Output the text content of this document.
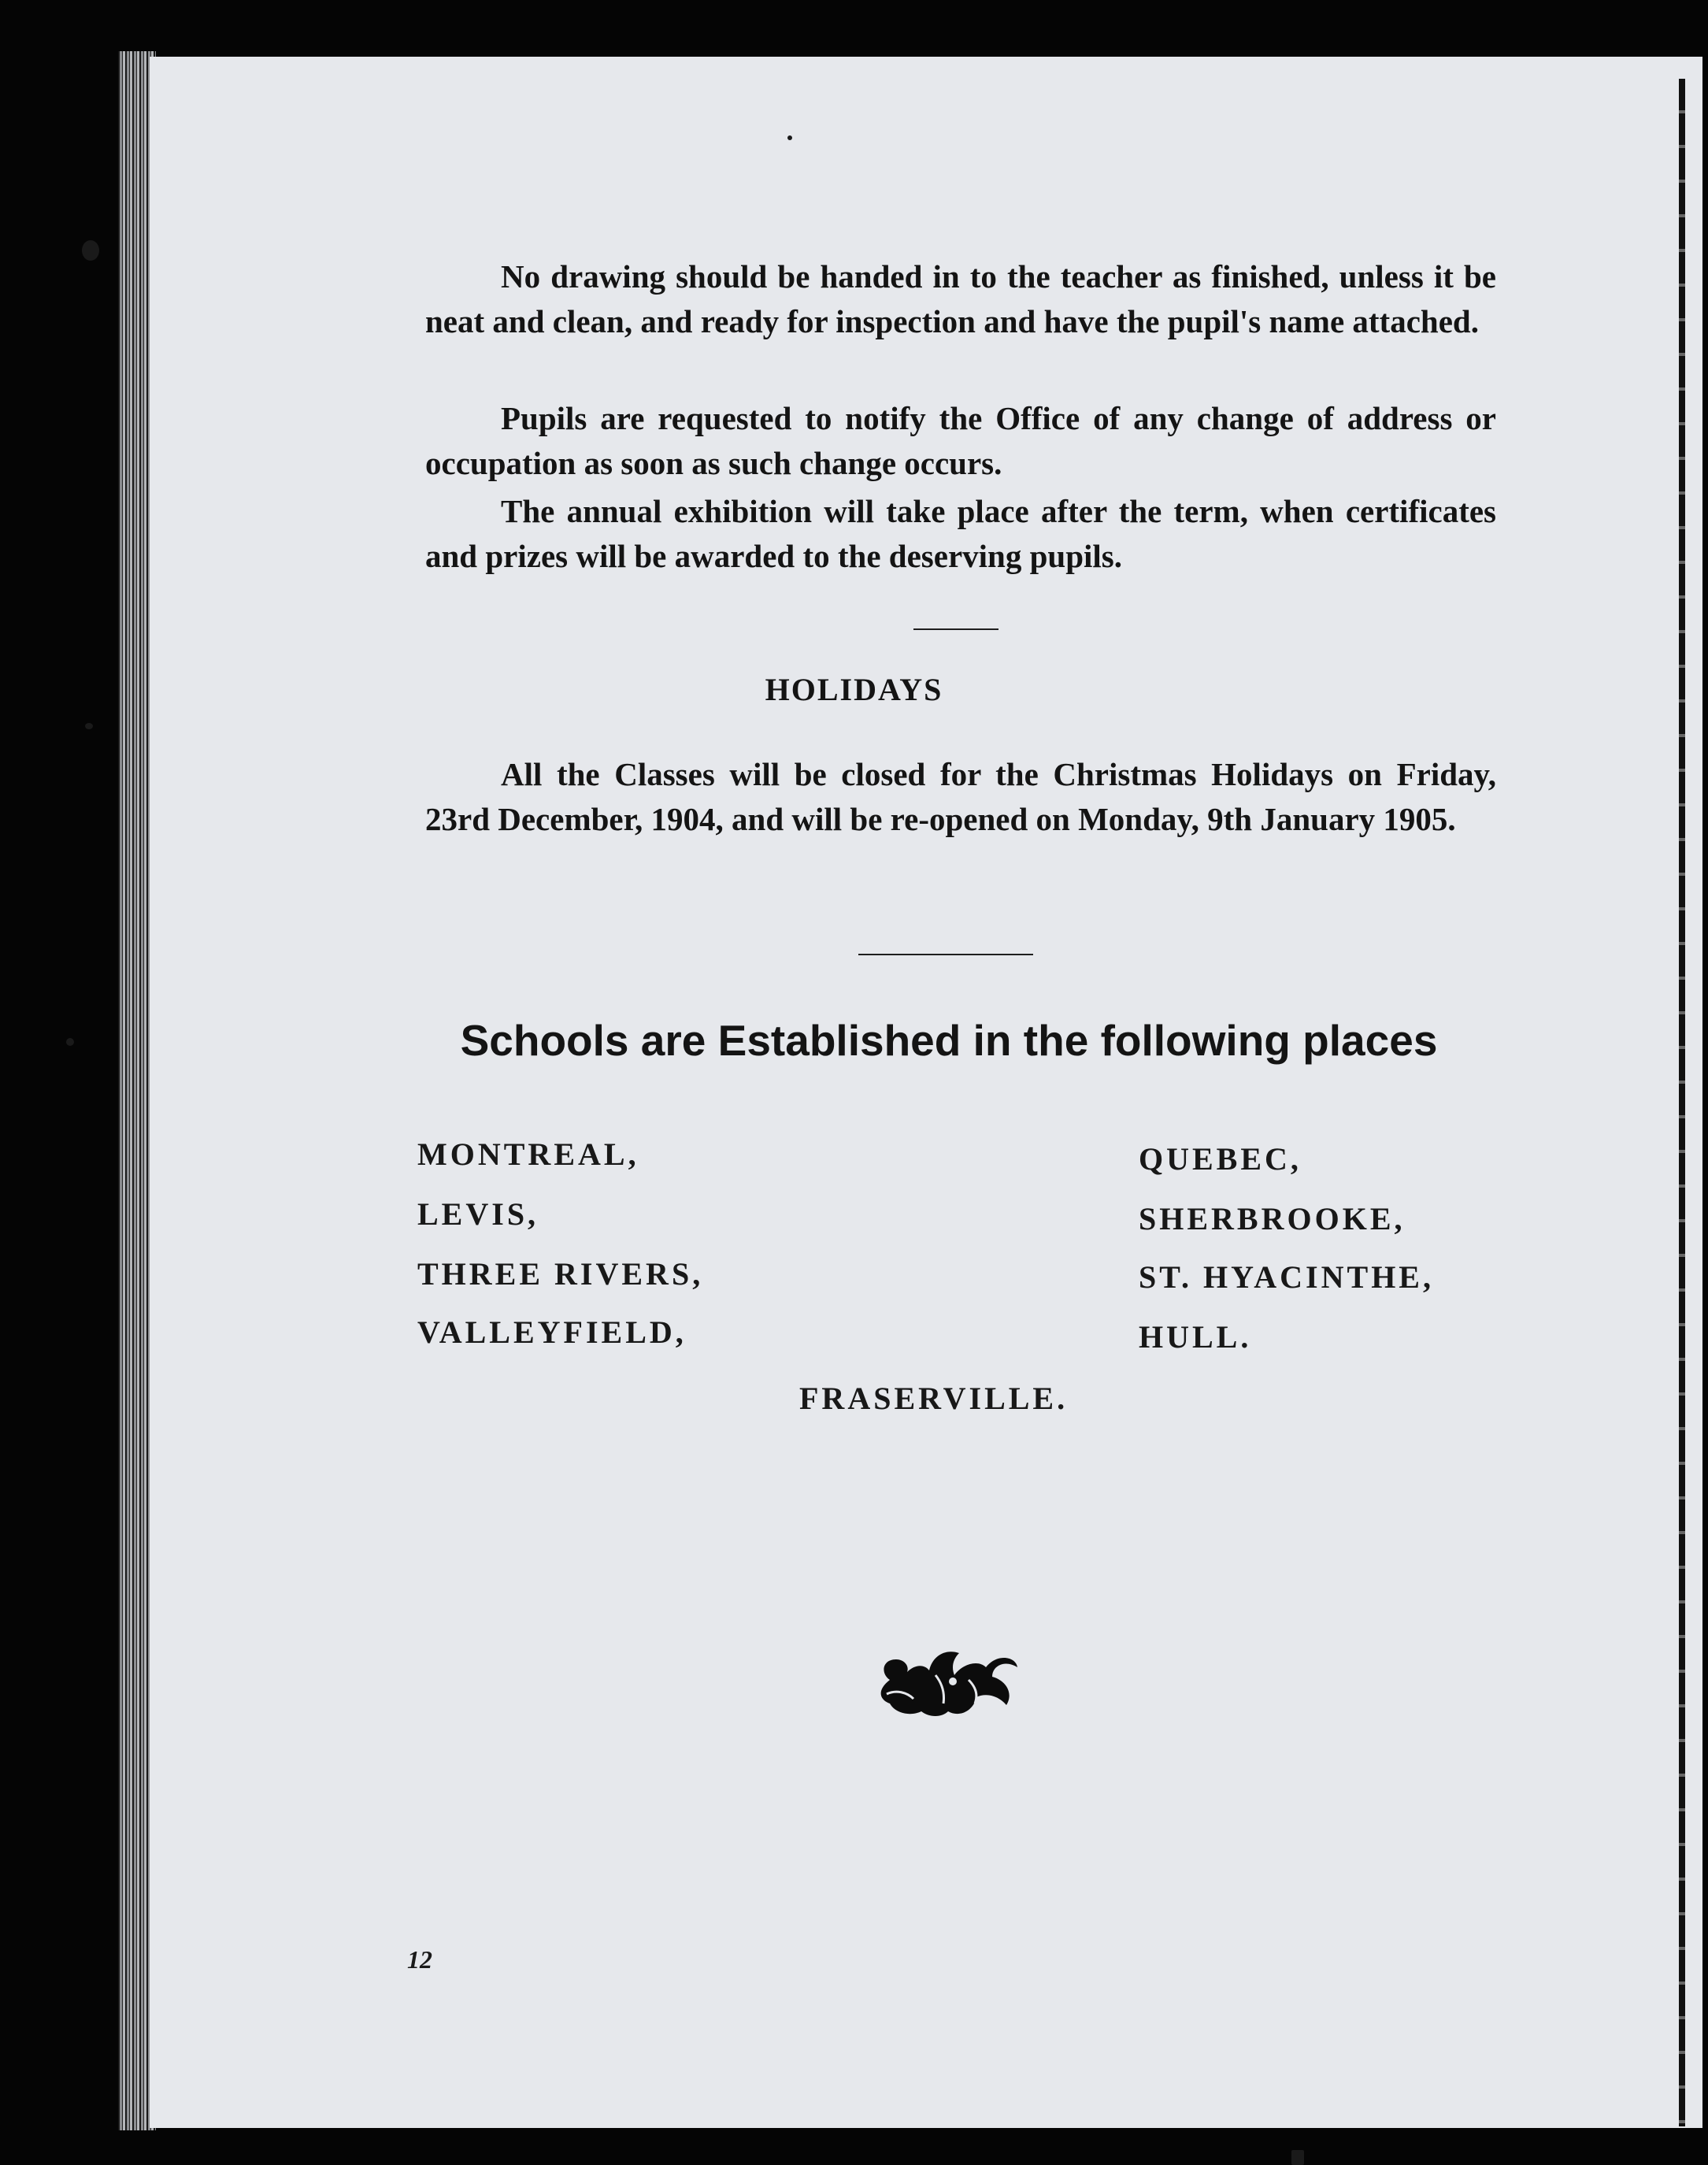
No drawing should be handed in to the teacher as finished, unless it be neat and clean, and ready for inspection and have the pupil's name attached.

Pupils are requested to notify the Office of any change of address or occupation as soon as such change occurs.

The annual exhibition will take place after the term, when certificates and prizes will be awarded to the deserving pupils.

HOLIDAYS

All the Classes will be closed for the Christmas Holidays on Friday, 23rd December, 1904, and will be re-opened on Monday, 9th January 1905.

Schools are Established in the following places

MONTREAL,

LEVIS,

THREE RIVERS,

VALLEYFIELD,

QUEBEC,

SHERBROOKE,

ST. HYACINTHE,

HULL.

FRASERVILLE.

12
